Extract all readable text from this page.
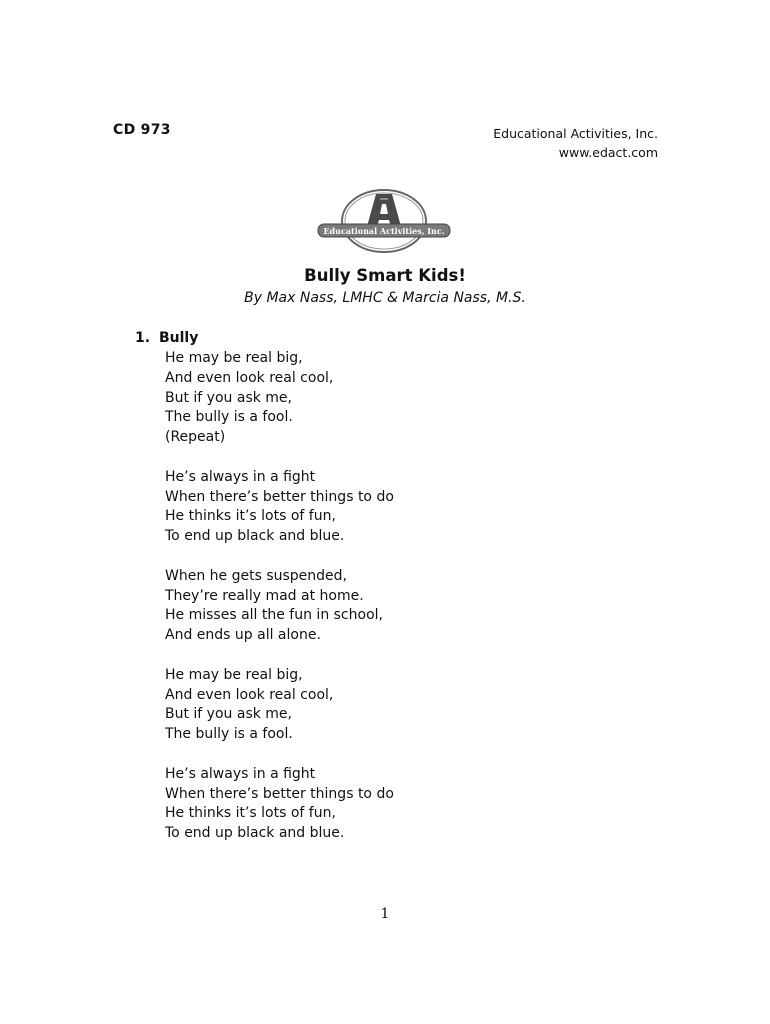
CD 973	Educational Activities, Inc.
www.edact.com
Educational Activities, Inc.
Bully Smart Kids!
By Max Nass, LMHC & Marcia Nass, M.S.
1. Bully
He may be real big,
And even look real cool,
But if you ask me,
The bully is a fool.
(Repeat)
He’s always in a fight
When there’s better things to do
He thinks it’s lots of fun,
To end up black and blue.
When he gets suspended,
They’re really mad at home.
He misses all the fun in school,
And ends up all alone.
He may be real big,
And even look real cool,
But if you ask me,
The bully is a fool.
He’s always in a fight
When there’s better things to do
He thinks it’s lots of fun,
To end up black and blue.
1
